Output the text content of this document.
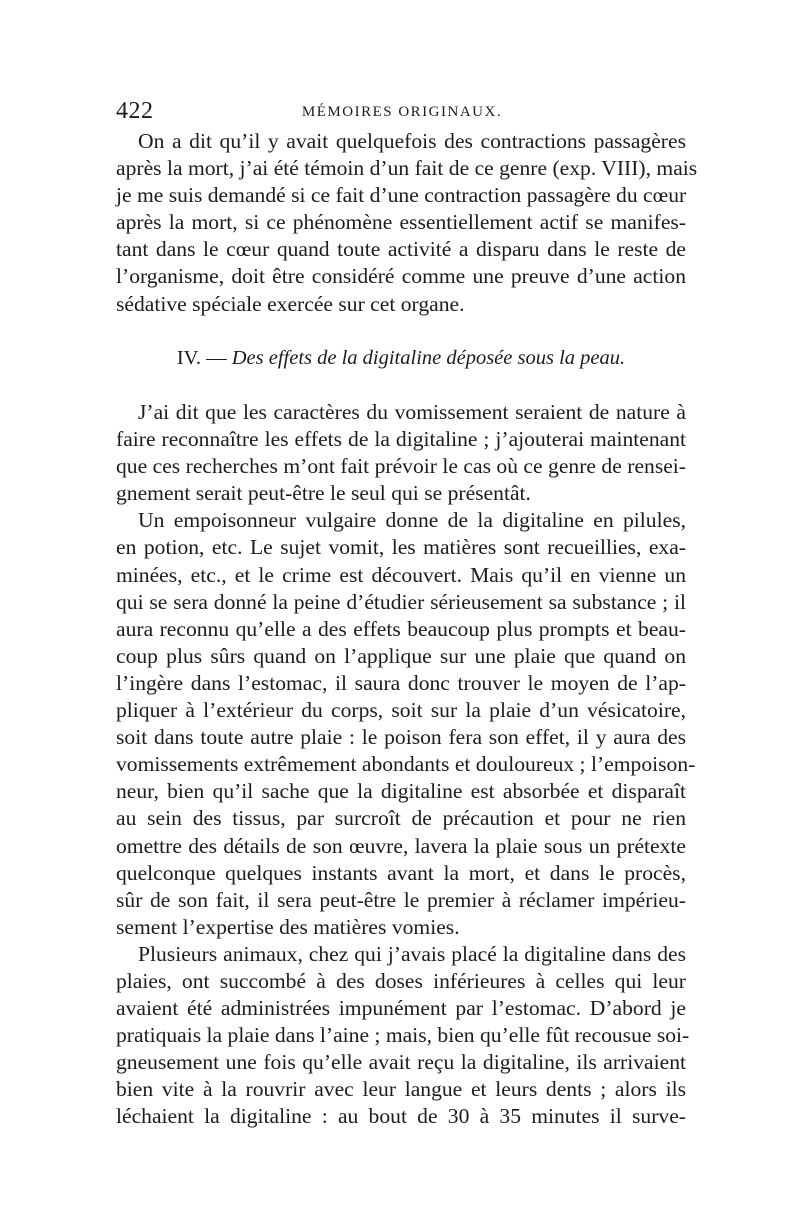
422	MÉMOIRES ORIGINAUX.
On a dit qu’il y avait quelquefois des contractions passagères
après la mort, j’ai été témoin d’un fait de ce genre (exp. VIII), mais
je me suis demandé si ce fait d’une contraction passagère du cœur
après la mort, si ce phénomène essentiellement actif se manifes-
tant dans le cœur quand toute activité a disparu dans le reste de
l’organisme, doit être considéré comme une preuve d’une action
sédative spéciale exercée sur cet organe.
IV. — Des effets de la digitaline déposée sous la peau.
J’ai dit que les caractères du vomissement seraient de nature à
faire reconnaître les effets de la digitaline ; j’ajouterai maintenant
que ces recherches m’ont fait prévoir le cas où ce genre de rensei-
gnement serait peut-être le seul qui se présentât.
Un empoisonneur vulgaire donne de la digitaline en pilules,
en potion, etc. Le sujet vomit, les matières sont recueillies, exa-
minées, etc., et le crime est découvert. Mais qu’il en vienne un
qui se sera donné la peine d’étudier sérieusement sa substance ; il
aura reconnu qu’elle a des effets beaucoup plus prompts et beau-
coup plus sûrs quand on l’applique sur une plaie que quand on
l’ingère dans l’estomac, il saura donc trouver le moyen de l’ap-
pliquer à l’extérieur du corps, soit sur la plaie d’un vésicatoire,
soit dans toute autre plaie : le poison fera son effet, il y aura des
vomissements extrêmement abondants et douloureux ; l’empoison-
neur, bien qu’il sache que la digitaline est absorbée et disparaît
au sein des tissus, par surcroît de précaution et pour ne rien
omettre des détails de son œuvre, lavera la plaie sous un prétexte
quelconque quelques instants avant la mort, et dans le procès,
sûr de son fait, il sera peut-être le premier à réclamer impérieu-
sement l’expertise des matières vomies.
Plusieurs animaux, chez qui j’avais placé la digitaline dans des
plaies, ont succombé à des doses inférieures à celles qui leur
avaient été administrées impunément par l’estomac. D’abord je
pratiquais la plaie dans l’aine ; mais, bien qu’elle fût recousue soi-
gneusement une fois qu’elle avait reçu la digitaline, ils arrivaient
bien vite à la rouvrir avec leur langue et leurs dents ; alors ils
léchaient la digitaline : au bout de 30 à 35 minutes il surve-
